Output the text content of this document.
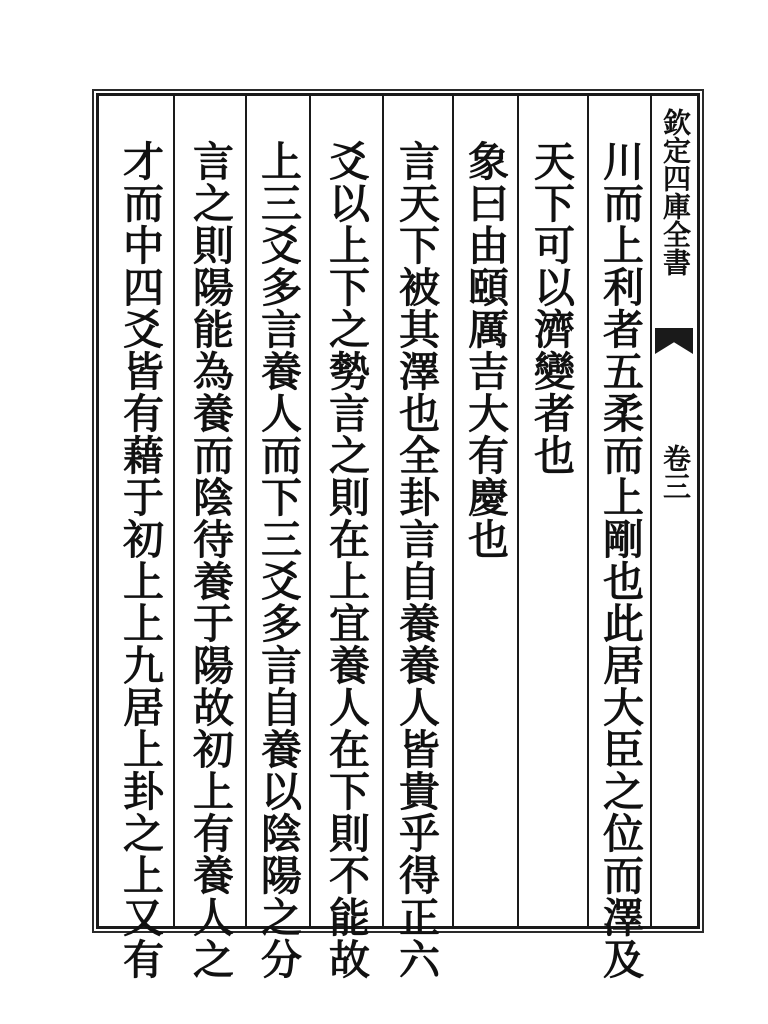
欽定四庫全書
卷三
川而上利者五柔而上剛也此居大臣之位而澤及
天下可以濟變者也
象曰由頤厲吉大有慶也
言天下被其澤也全卦言自養養人皆貴乎得正六
爻以上下之勢言之則在上宜養人在下則不能故
上三爻多言養人而下三爻多言自養以陰陽之分
言之則陽能為養而陰待養于陽故初上有養人之
才而中四爻皆有藉于初上上九居上卦之上又有
